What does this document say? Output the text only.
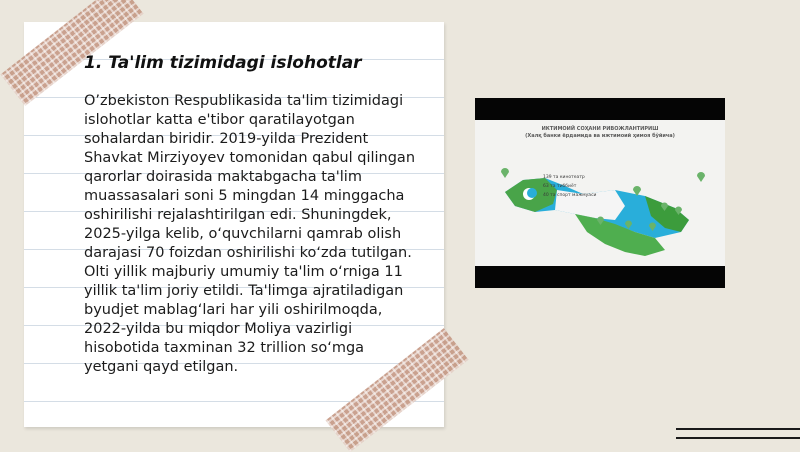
1. Ta'lim tizimidagi islohotlar
O’zbekiston Respublikasida ta'lim tizimidagi islohotlar katta e'tibor qaratilayotgan sohalardan biridir. 2019-yilda Prezident Shavkat Mirziyoyev tomonidan qabul qilingan qarorlar doirasida maktabgacha ta'lim muassasalari soni 5 mingdan 14 minggacha oshirilishi rejalashtirilgan edi. Shuningdek, 2025-yilga kelib, o‘quvchilarni qamrab olish darajasi 70 foizdan oshirilishi ko‘zda tutilgan. Olti yillik majburiy umumiy ta'lim o‘rniga 11 yillik ta'lim joriy etildi. Ta'limga ajratiladigan byudjet mablag‘lari har yili oshirilmoqda, 2022-yilda bu miqdor Moliya vazirligi hisobotida taxminan 32 trillion so‘mga yetgani qayd etilgan.
ИКТИМОИЙ СОҲАНИ РИВОЖЛАНТИРИШ
(Халқ банки ёрдамида ва ижтимоий ҳимоя бўйича)
139 та кинотеатр
63 та тиббиёт
40 та спорт мажмуаси
